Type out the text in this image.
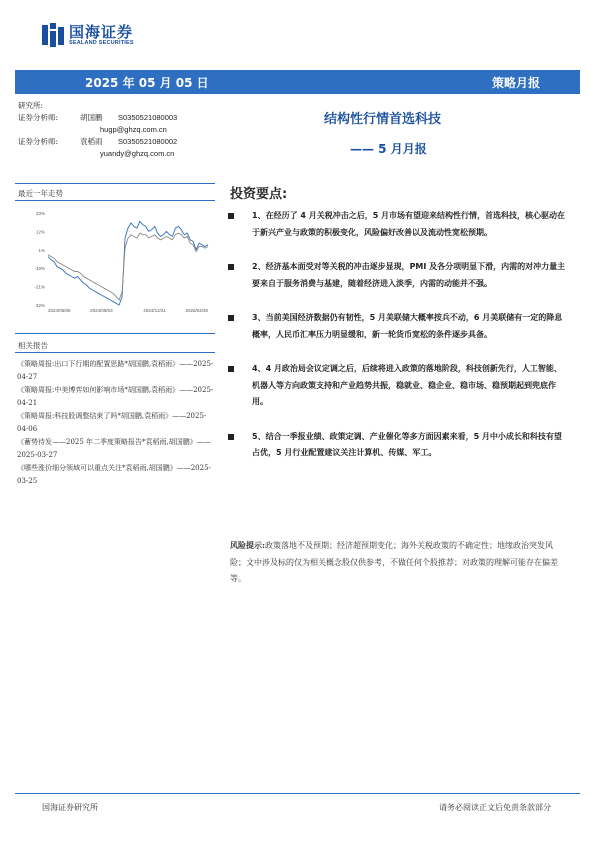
国海证券
SEALAND SECURITIES
2025 年 05 月 05 日	策略月报
研究所:
证券分析师:	胡国鹏	S0350521080003
hugp@ghzq.com.cn
证券分析师:	袁稻雨	S0350521080002
yuandy@ghzq.com.cn
结构性行情首选科技
—— 5 月月报
最近一年走势
23%
12%
1%
-10%
-21%
-32%
2024/05/06	2024/09/03	2024/12/31	2025/04/30
相关报告
《策略周报:出口下行期的配置思路*胡国鹏,袁稻雨》——2025-04-27
《策略周报:中美博弈如何影响市场*胡国鹏,袁稻雨》——2025-04-21
《策略周报:科技股调整结束了吗*胡国鹏,袁稻雨》——2025-04-06
《蓄势待发——2025 年二季度策略报告*袁稻雨,胡国鹏》——2025-03-27
《哪些涨价细分领域可以重点关注*袁稻雨,胡国鹏》——2025-03-25
投资要点:
1、在经历了 4 月关税冲击之后，5 月市场有望迎来结构性行情，首选科技，核心驱动在于新兴产业与政策的积极变化，风险偏好改善以及流动性宽松预期。
2、经济基本面受对等关税的冲击逐步显现，PMI 及各分项明显下滑，内需的对冲力量主要来自于服务消费与基建，随着经济进入淡季，内需的动能并不强。
3、当前美国经济数据仍有韧性，5 月美联储大概率按兵不动，6 月美联储有一定的降息概率，人民币汇率压力明显缓和，新一轮货币宽松的条件逐步具备。
4、4 月政治局会议定调之后，后续将进入政策的落地阶段，科技创新先行，人工智能、机器人等方向政策支持和产业趋势共振，稳就业、稳企业、稳市场、稳预期起到兜底作用。
5、结合一季报业绩、政策定调、产业催化等多方面因素来看，5 月中小成长和科技有望占优，5 月行业配置建议关注计算机、传媒、军工。
风险提示:政策落地不及预期；经济超预期变化；海外关税政策的不确定性；地缘政治突发风险；文中涉及标的仅为相关概念股仅供参考，不做任何个股推荐；对政策的理解可能存在偏差等。
国海证券研究所	请务必阅读正文后免责条款部分
